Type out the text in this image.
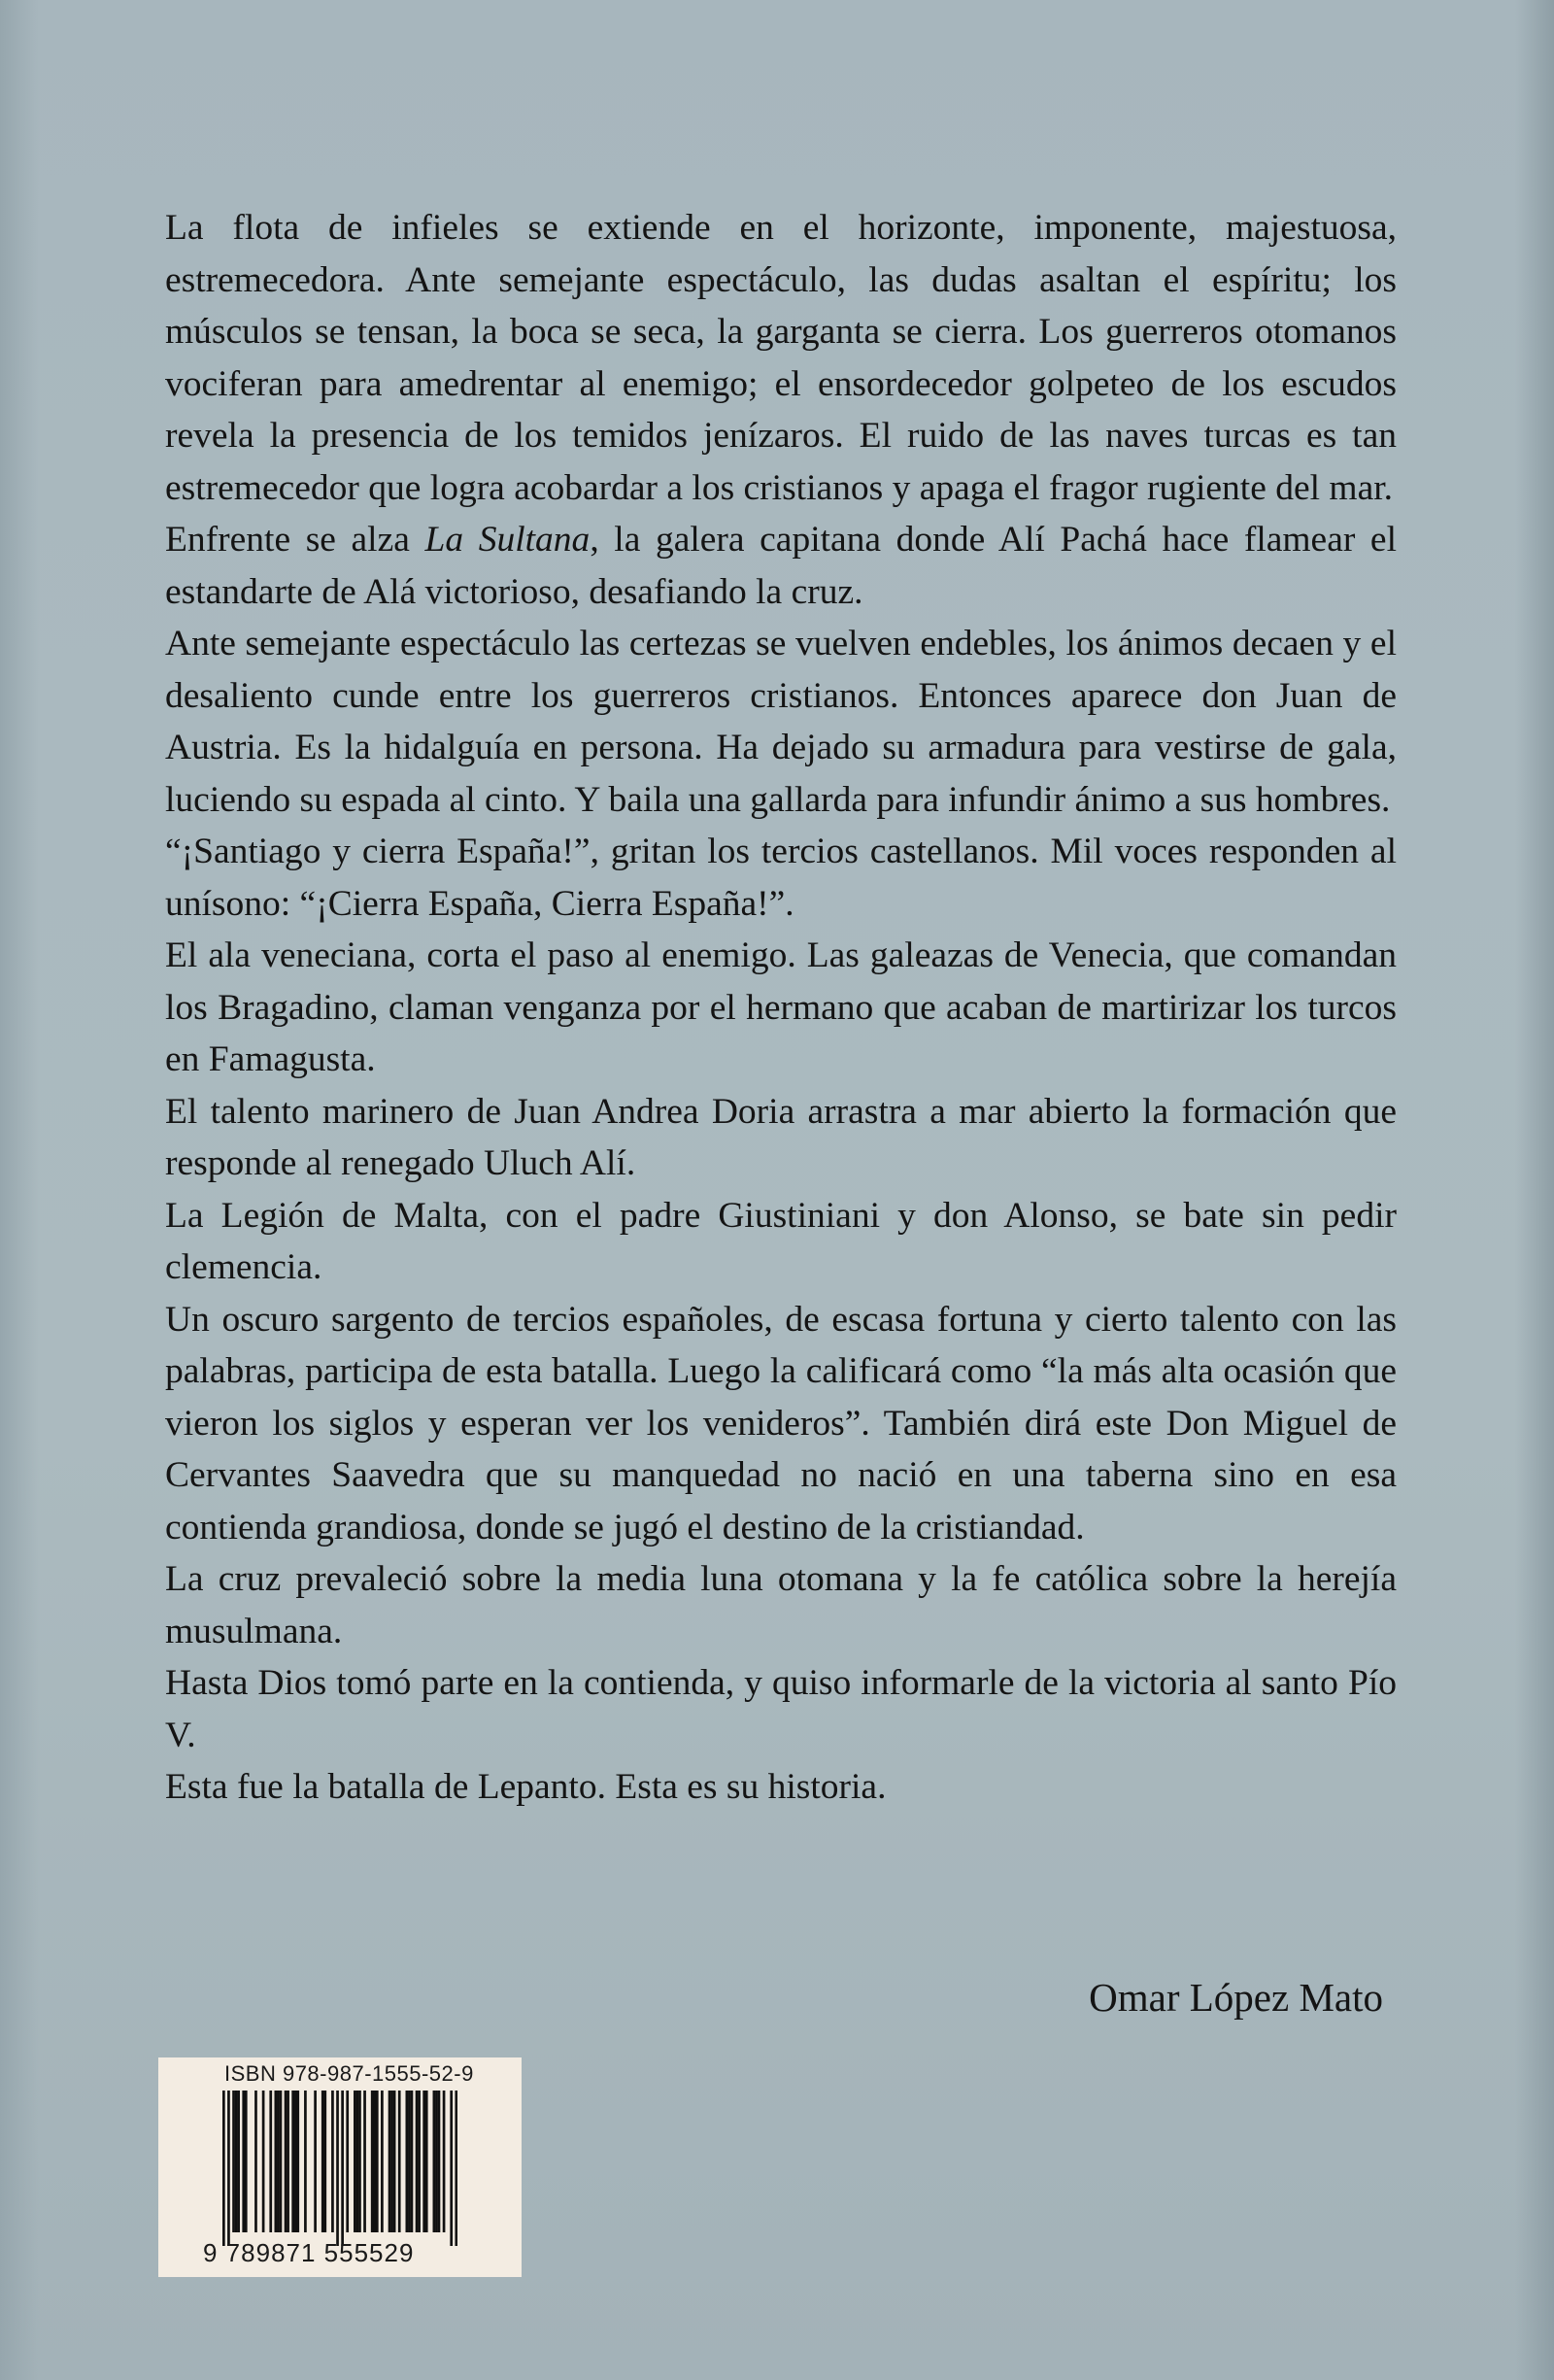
La flota de infieles se extiende en el horizonte, imponente, majestuosa, estremecedora. Ante semejante espectáculo, las dudas asaltan el espíritu; los músculos se tensan, la boca se seca, la garganta se cierra. Los guerreros otomanos vociferan para amedrentar al enemigo; el ensordecedor golpeteo de los escudos revela la presencia de los temidos jenízaros. El ruido de las naves turcas es tan estremecedor que logra acobardar a los cristianos y apaga el fragor rugiente del mar.

Enfrente se alza La Sultana, la galera capitana donde Alí Pachá hace flamear el estandarte de Alá victorioso, desafiando la cruz.

Ante semejante espectáculo las certezas se vuelven endebles, los ánimos decaen y el desaliento cunde entre los guerreros cristianos. Entonces aparece don Juan de Austria. Es la hidalguía en persona. Ha dejado su armadura para vestirse de gala, luciendo su espada al cinto. Y baila una gallarda para infundir ánimo a sus hombres.

“¡Santiago y cierra España!”, gritan los tercios castellanos. Mil voces responden al unísono: “¡Cierra España, Cierra España!”.

El ala veneciana, corta el paso al enemigo. Las galeazas de Venecia, que comandan los Bragadino, claman venganza por el hermano que acaban de martirizar los turcos en Famagusta.

El talento marinero de Juan Andrea Doria arrastra a mar abierto la formación que responde al renegado Uluch Alí.

La Legión de Malta, con el padre Giustiniani y don Alonso, se bate sin pedir clemencia.

Un oscuro sargento de tercios españoles, de escasa fortuna y cierto talento con las palabras, participa de esta batalla. Luego la calificará como “la más alta ocasión que vieron los siglos y esperan ver los venideros”. También dirá este Don Miguel de Cervantes Saavedra que su manquedad no nació en una taberna sino en esa contienda grandiosa, donde se jugó el destino de la cristiandad.

La cruz prevaleció sobre la media luna otomana y la fe católica sobre la herejía musulmana.

Hasta Dios tomó parte en la contienda, y quiso informarle de la victoria al santo Pío V.

Esta fue la batalla de Lepanto. Esta es su historia.

Omar López Mato
ISBN 978-987-1555-52-9
9 789871 555529
